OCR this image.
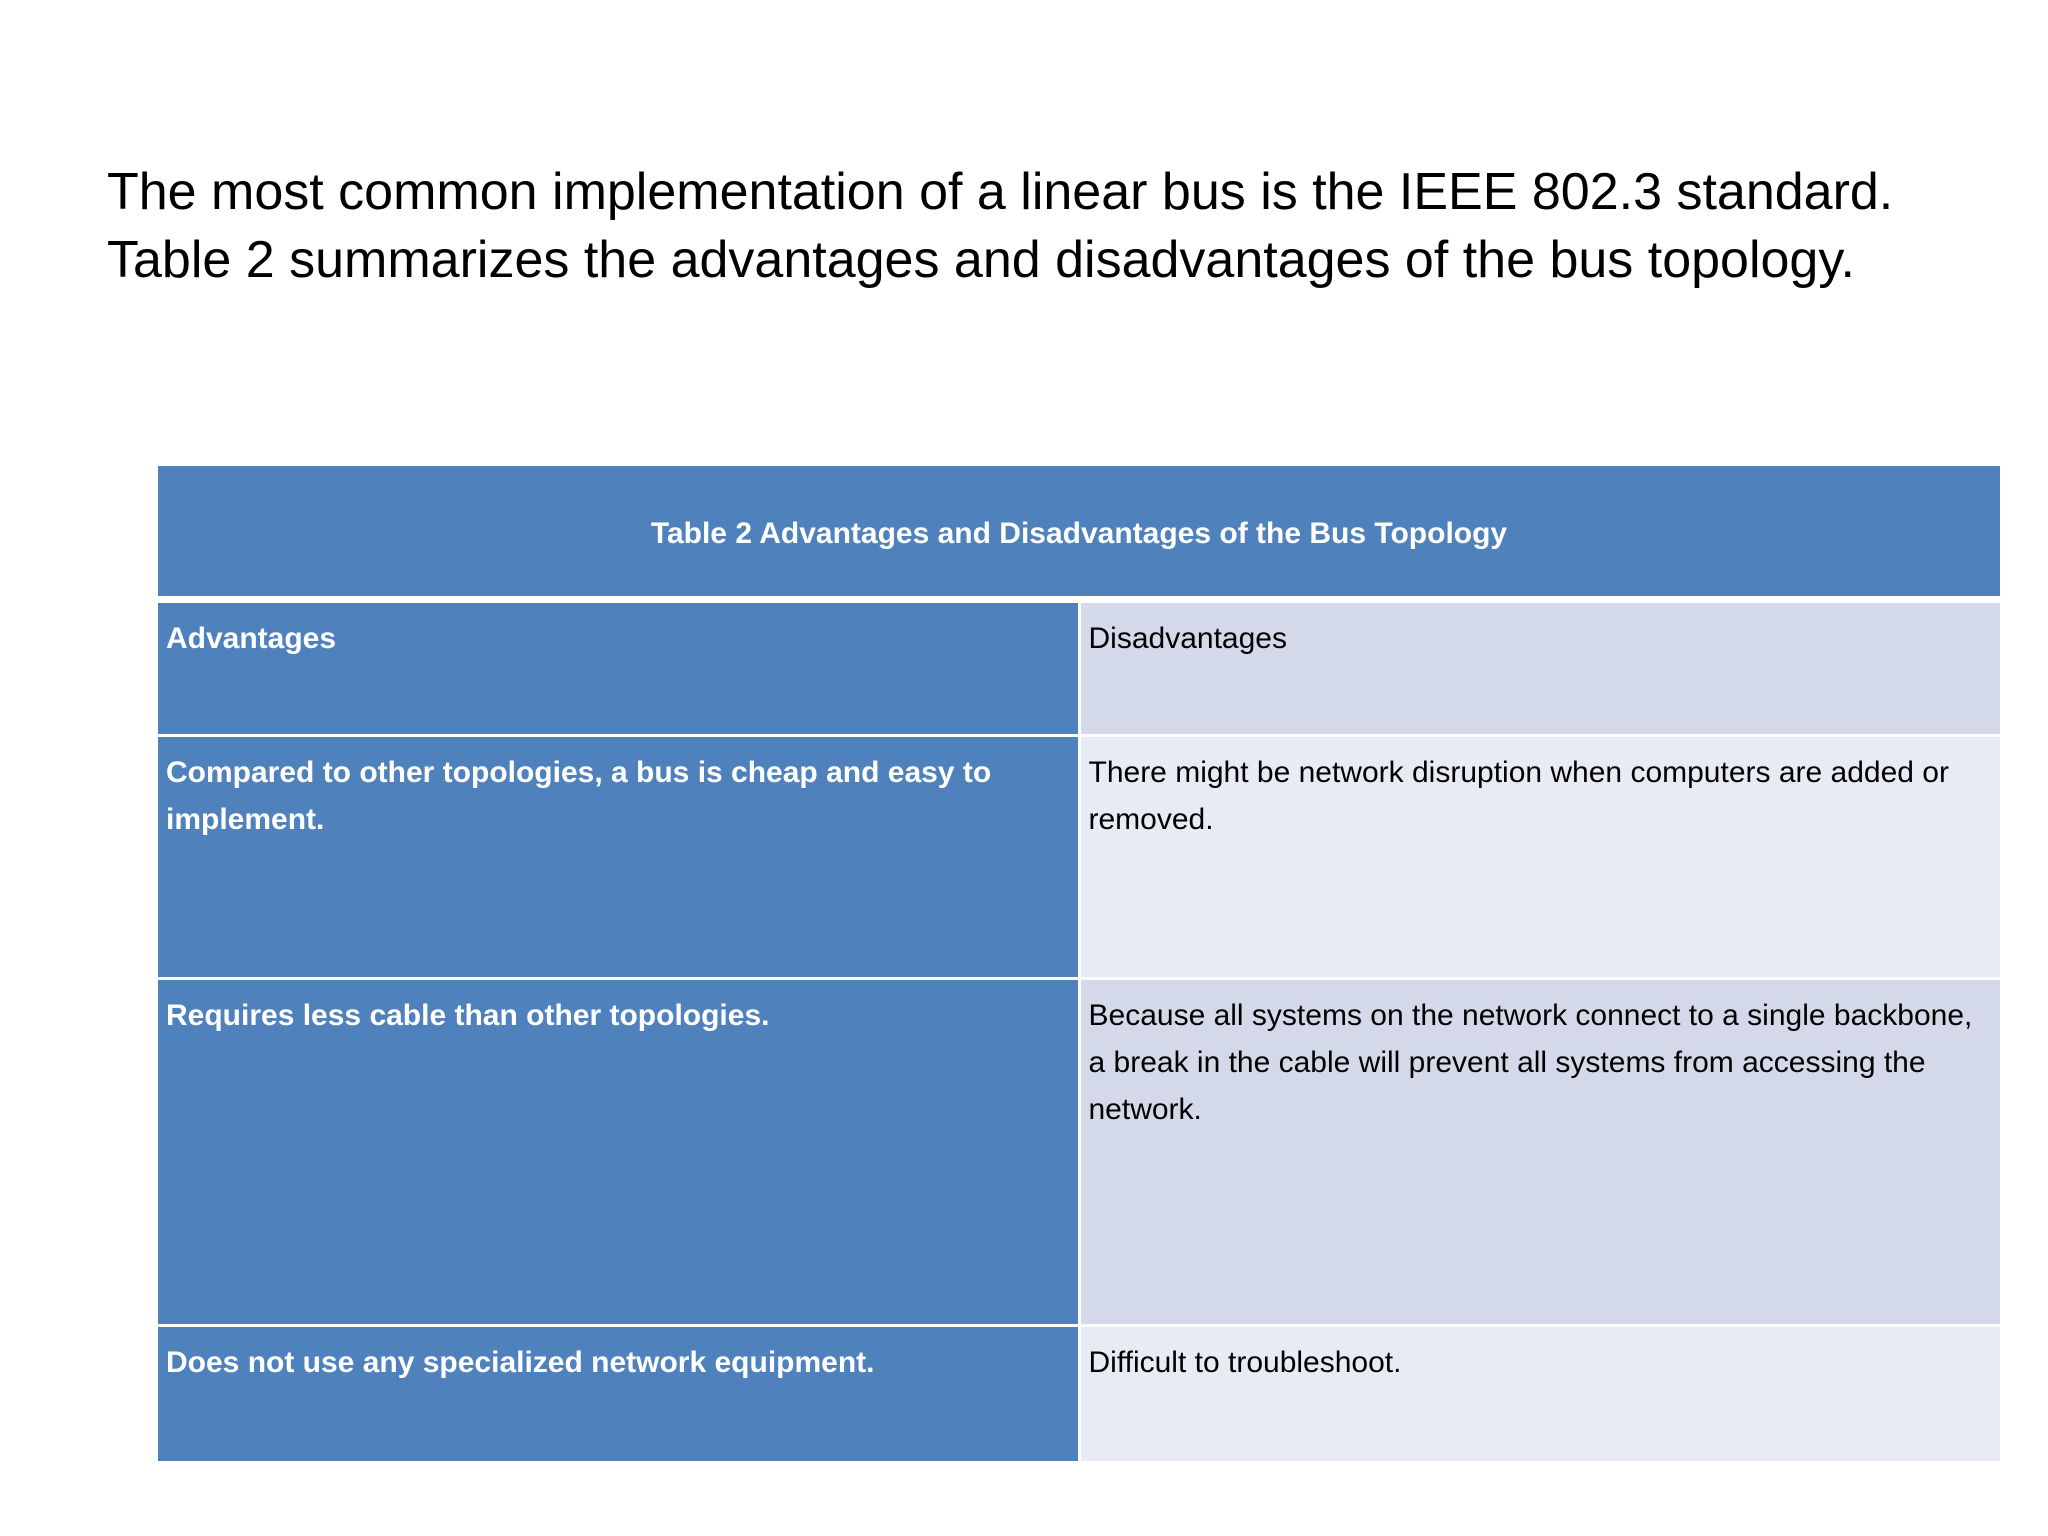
The most common implementation of a linear bus is the IEEE 802.3 standard. Table 2 summarizes the advantages and disadvantages of the bus topology.

Table 2 Advantages and Disadvantages of the Bus Topology	
Advantages	Disadvantages
Compared to other topologies, a bus is cheap and easy to implement.	There might be network disruption when computers are added or removed.
Requires less cable than other topologies.	Because all systems on the network connect to a single backbone, a break in the cable will prevent all systems from accessing the network.
Does not use any specialized network equipment.	Difficult to troubleshoot.
